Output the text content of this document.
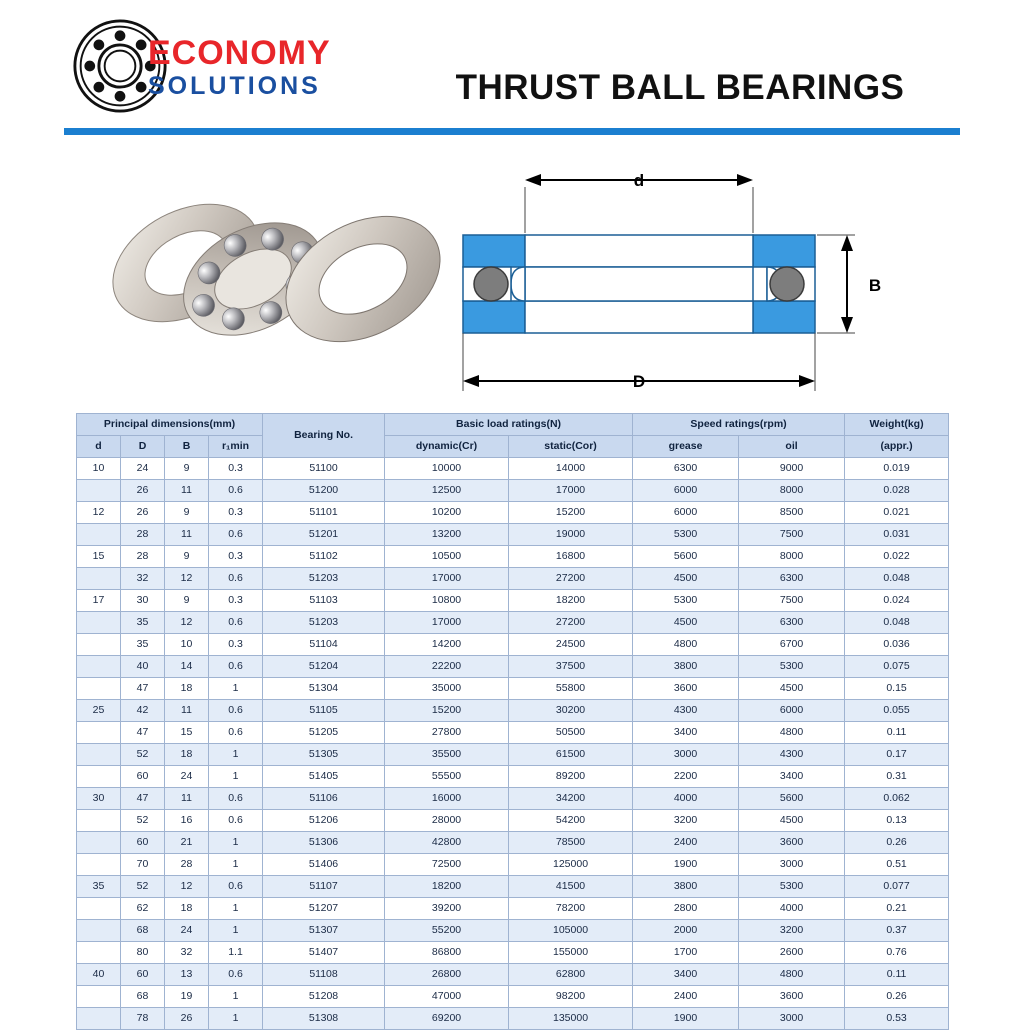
ECONOMY
SOLUTIONS	THRUST BALL BEARINGS
d
B
D
Principal dimensions(mm)				Bearing No.	Basic load ratings(N)		Speed ratings(rpm)		Weight(kg)
d	D	B	r₁min		dynamic(Cr)	static(Cor)	grease	oil	(appr.)
10	24	9	0.3	51100	10000	14000	6300	9000	0.019
	26	11	0.6	51200	12500	17000	6000	8000	0.028
12	26	9	0.3	51101	10200	15200	6000	8500	0.021
	28	11	0.6	51201	13200	19000	5300	7500	0.031
15	28	9	0.3	51102	10500	16800	5600	8000	0.022
	32	12	0.6	51203	17000	27200	4500	6300	0.048
17	30	9	0.3	51103	10800	18200	5300	7500	0.024
	35	12	0.6	51203	17000	27200	4500	6300	0.048
	35	10	0.3	51104	14200	24500	4800	6700	0.036
	40	14	0.6	51204	22200	37500	3800	5300	0.075
	47	18	1	51304	35000	55800	3600	4500	0.15
25	42	11	0.6	51105	15200	30200	4300	6000	0.055
	47	15	0.6	51205	27800	50500	3400	4800	0.11
	52	18	1	51305	35500	61500	3000	4300	0.17
	60	24	1	51405	55500	89200	2200	3400	0.31
30	47	11	0.6	51106	16000	34200	4000	5600	0.062
	52	16	0.6	51206	28000	54200	3200	4500	0.13
	60	21	1	51306	42800	78500	2400	3600	0.26
	70	28	1	51406	72500	125000	1900	3000	0.51
35	52	12	0.6	51107	18200	41500	3800	5300	0.077
	62	18	1	51207	39200	78200	2800	4000	0.21
	68	24	1	51307	55200	105000	2000	3200	0.37
	80	32	1.1	51407	86800	155000	1700	2600	0.76
40	60	13	0.6	51108	26800	62800	3400	4800	0.11
	68	19	1	51208	47000	98200	2400	3600	0.26
	78	26	1	51308	69200	135000	1900	3000	0.53
